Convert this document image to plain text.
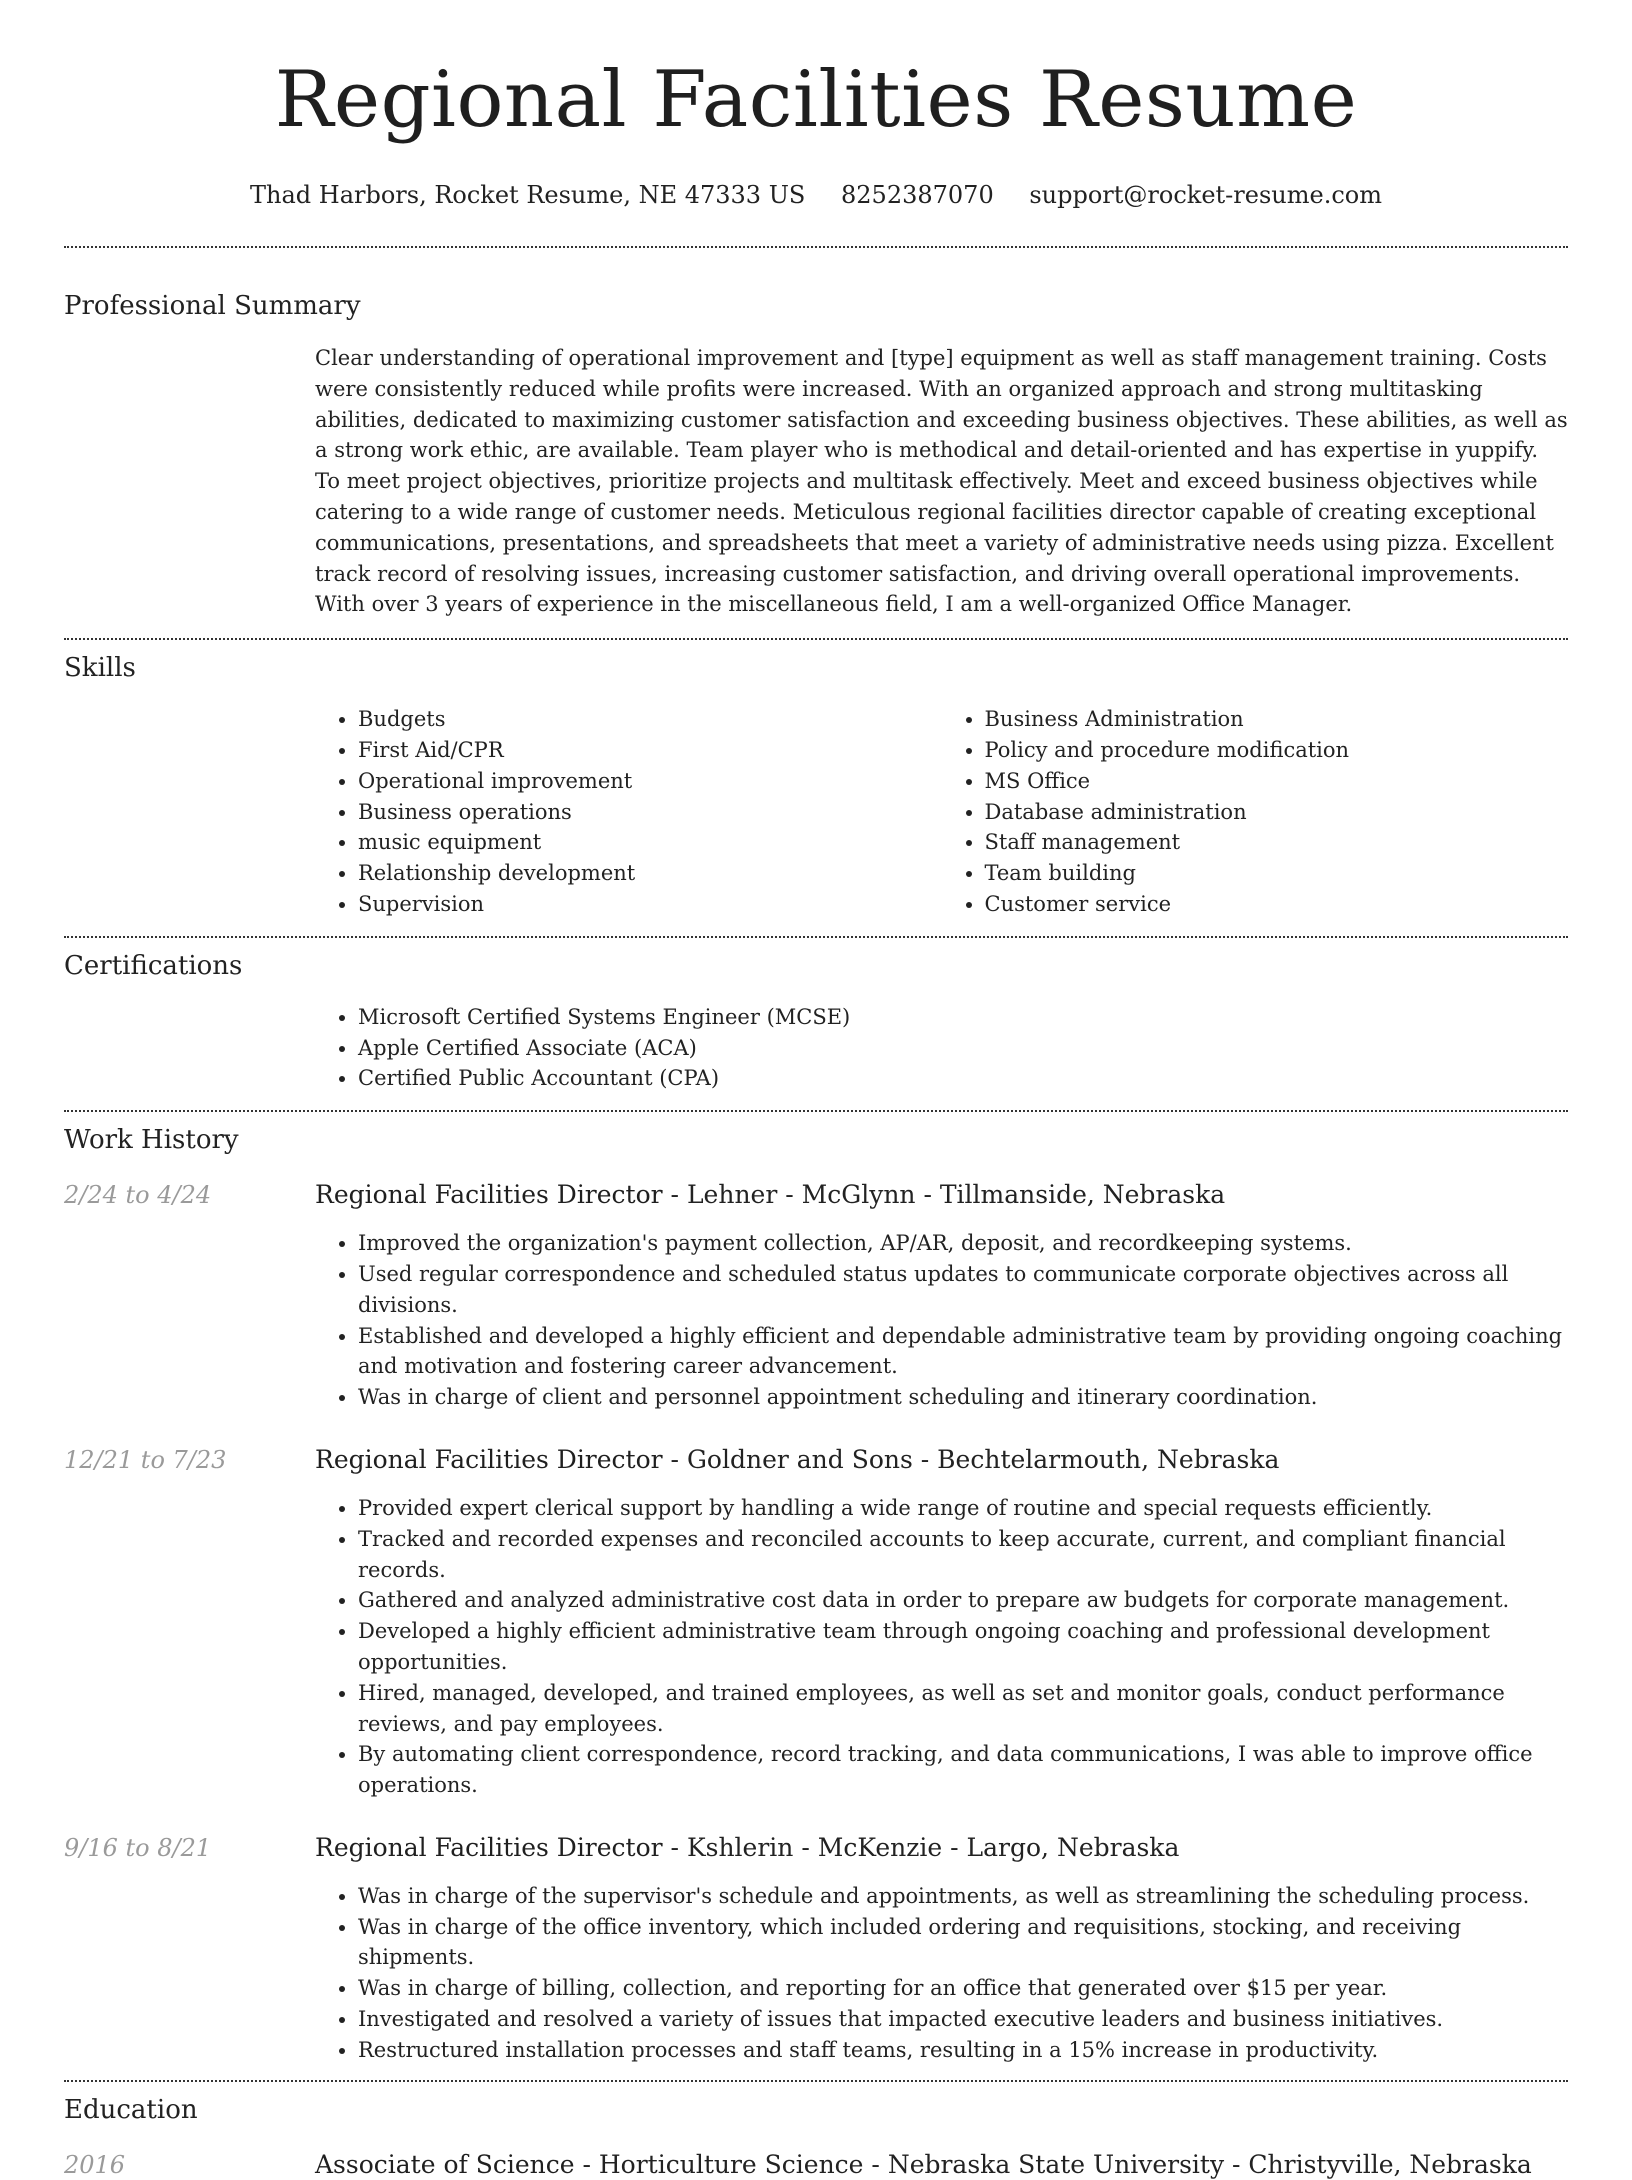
Regional Facilities Resume
Thad Harbors, Rocket Resume, NE 47333 US 8252387070 support@rocket-resume.com
Professional Summary
Clear understanding of operational improvement and [type] equipment as well as staff management training. Costs were consistently reduced while profits were increased. With an organized approach and strong multitasking abilities, dedicated to maximizing customer satisfaction and exceeding business objectives. These abilities, as well as a strong work ethic, are available. Team player who is methodical and detail-oriented and has expertise in yuppify. To meet project objectives, prioritize projects and multitask effectively. Meet and exceed business objectives while catering to a wide range of customer needs. Meticulous regional facilities director capable of creating exceptional communications, presentations, and spreadsheets that meet a variety of administrative needs using pizza. Excellent track record of resolving issues, increasing customer satisfaction, and driving overall operational improvements. With over 3 years of experience in the miscellaneous field, I am a well-organized Office Manager.
Skills
• Budgets
• First Aid/CPR
• Operational improvement
• Business operations
• music equipment
• Relationship development
• Supervision
• Business Administration
• Policy and procedure modification
• MS Office
• Database administration
• Staff management
• Team building
• Customer service
Certifications
• Microsoft Certified Systems Engineer (MCSE)
• Apple Certified Associate (ACA)
• Certified Public Accountant (CPA)
Work History
2/24 to 4/24	Regional Facilities Director - Lehner - McGlynn - Tillmanside, Nebraska
• Improved the organization's payment collection, AP/AR, deposit, and recordkeeping systems.
• Used regular correspondence and scheduled status updates to communicate corporate objectives across all divisions.
• Established and developed a highly efficient and dependable administrative team by providing ongoing coaching and motivation and fostering career advancement.
• Was in charge of client and personnel appointment scheduling and itinerary coordination.
12/21 to 7/23	Regional Facilities Director - Goldner and Sons - Bechtelarmouth, Nebraska
• Provided expert clerical support by handling a wide range of routine and special requests efficiently.
• Tracked and recorded expenses and reconciled accounts to keep accurate, current, and compliant financial records.
• Gathered and analyzed administrative cost data in order to prepare aw budgets for corporate management.
• Developed a highly efficient administrative team through ongoing coaching and professional development opportunities.
• Hired, managed, developed, and trained employees, as well as set and monitor goals, conduct performance reviews, and pay employees.
• By automating client correspondence, record tracking, and data communications, I was able to improve office operations.
9/16 to 8/21	Regional Facilities Director - Kshlerin - McKenzie - Largo, Nebraska
• Was in charge of the supervisor's schedule and appointments, as well as streamlining the scheduling process.
• Was in charge of the office inventory, which included ordering and requisitions, stocking, and receiving shipments.
• Was in charge of billing, collection, and reporting for an office that generated over $15 per year.
• Investigated and resolved a variety of issues that impacted executive leaders and business initiatives.
• Restructured installation processes and staff teams, resulting in a 15% increase in productivity.
Education
2016	Associate of Science - Horticulture Science - Nebraska State University - Christyville, Nebraska
